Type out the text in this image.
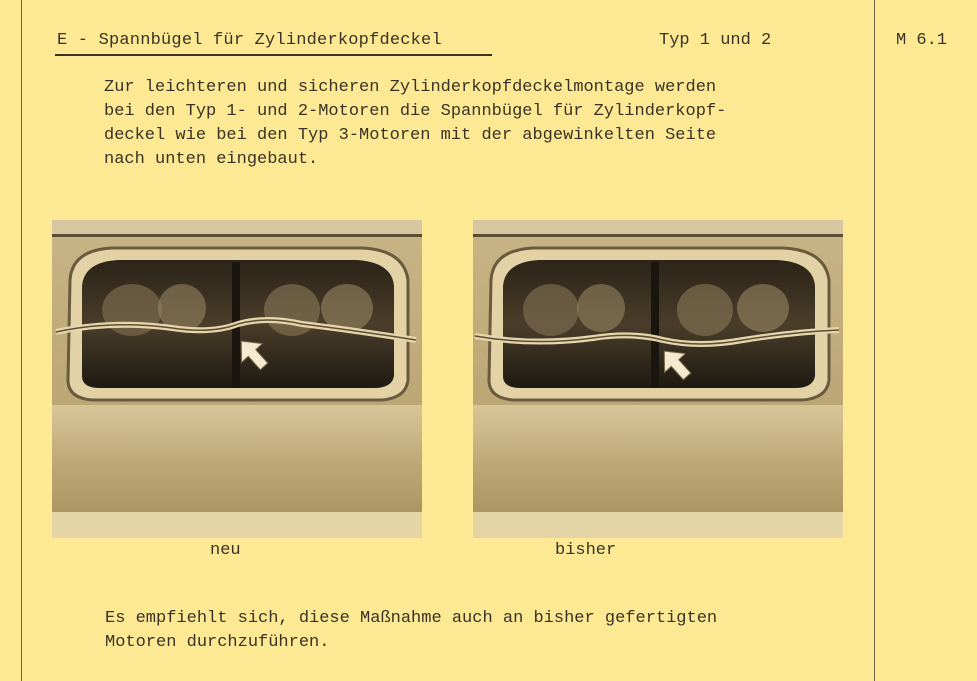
E - Spannbügel für Zylinderkopfdeckel	Typ 1 und 2	M 6.1

Zur leichteren und sicheren Zylinderkopfdeckelmontage werden
bei den Typ 1- und 2-Motoren die Spannbügel für Zylinderkopf-
deckel wie bei den Typ 3-Motoren mit der abgewinkelten Seite
nach unten eingebaut.

neu	bisher

Es empfiehlt sich, diese Maßnahme auch an bisher gefertigten
Motoren durchzuführen.
